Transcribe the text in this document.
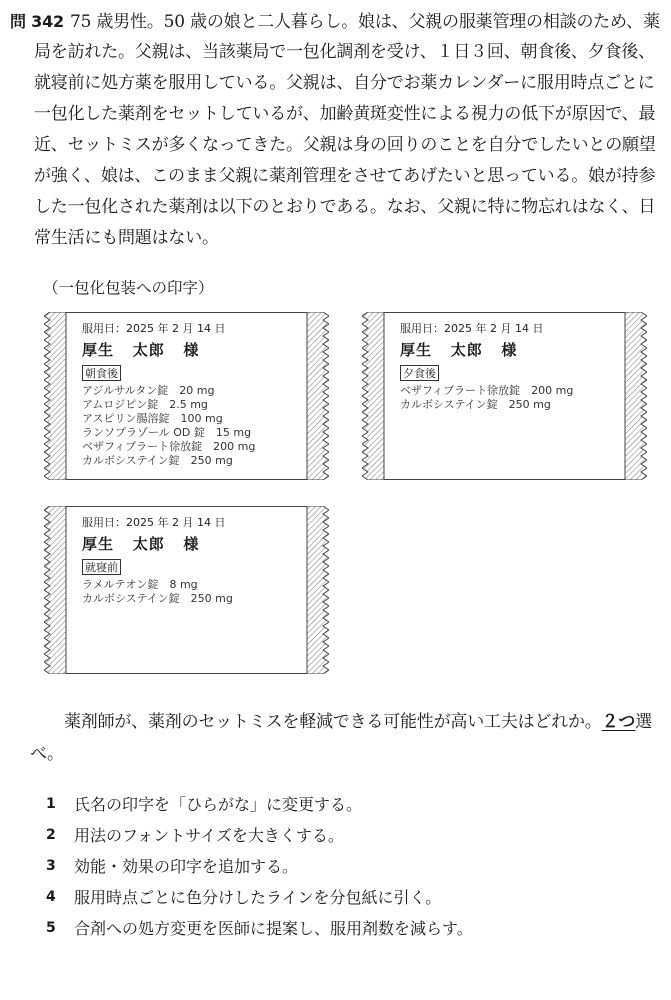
問 342 75 歳男性。50 歳の娘と二人暮らし。娘は、父親の服薬管理の相談のため、薬
局を訪れた。父親は、当該薬局で一包化調剤を受け、１日３回、朝食後、夕食後、
就寝前に処方薬を服用している。父親は、自分でお薬カレンダーに服用時点ごとに
一包化した薬剤をセットしているが、加齢黄斑変性による視力の低下が原因で、最
近、セットミスが多くなってきた。父親は身の回りのことを自分でしたいとの願望
が強く、娘は、このまま父親に薬剤管理をさせてあげたいと思っている。娘が持参
した一包化された薬剤は以下のとおりである。なお、父親に特に物忘れはなく、日
常生活にも問題はない。
（一包化包装への印字）
服用日：2025 年 2 月 14 日
厚生 太郎 様
朝食後
アジルサルタン錠　20 mg
アムロジピン錠　2.5 mg
アスピリン腸溶錠　100 mg
ランソプラゾール OD 錠　15 mg
ベザフィブラート徐放錠　200 mg
カルボシステイン錠　250 mg
服用日：2025 年 2 月 14 日
厚生 太郎 様
夕食後
ベザフィブラート徐放錠　200 mg
カルボシステイン錠　250 mg
服用日：2025 年 2 月 14 日
厚生 太郎 様
就寝前
ラメルテオン錠　8 mg
カルボシステイン錠　250 mg
薬剤師が、薬剤のセットミスを軽減できる可能性が高い工夫はどれか。２つ選
べ。
1	氏名の印字を「ひらがな」に変更する。
2	用法のフォントサイズを大きくする。
3	効能・効果の印字を追加する。
4	服用時点ごとに色分けしたラインを分包紙に引く。
5	合剤への処方変更を医師に提案し、服用剤数を減らす。
